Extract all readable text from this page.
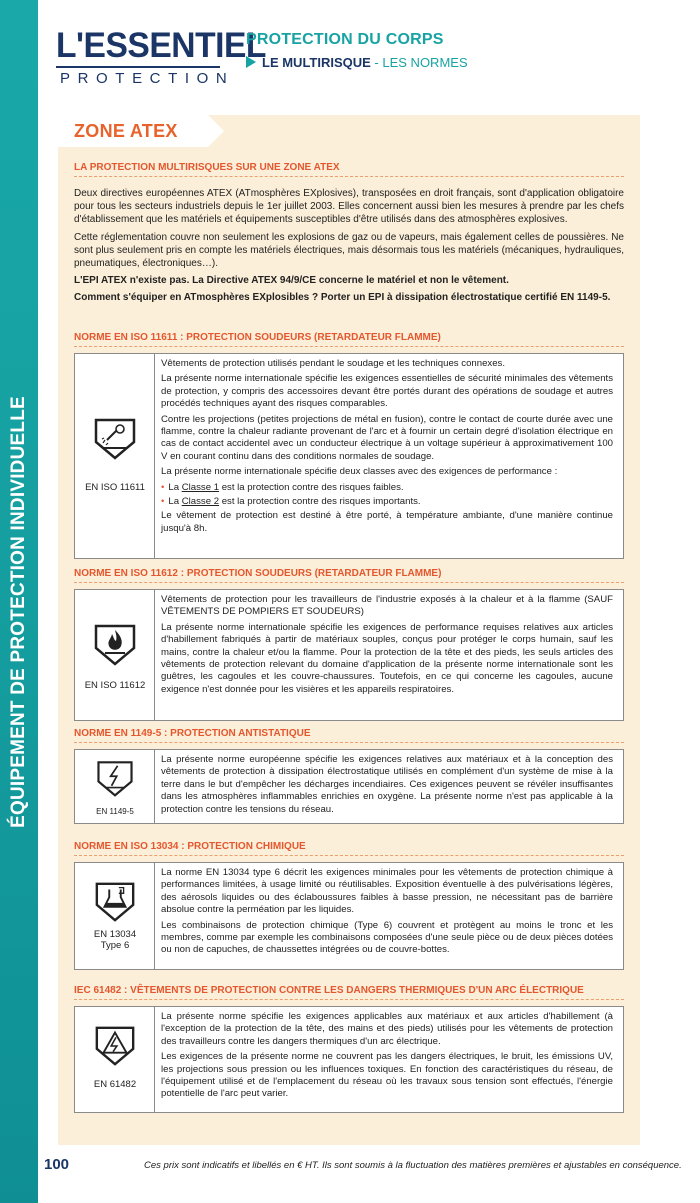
ÉQUIPEMENT DE PROTECTION INDIVIDUELLE
L'ESSENTIEL
PROTECTION
PROTECTION DU CORPS
LE MULTIRISQUE - LES NORMES
ZONE ATEX
LA PROTECTION MULTIRISQUES SUR UNE ZONE ATEX

Deux directives européennes ATEX (ATmosphères EXplosives), transposées en droit français, sont d'application obligatoire pour tous les secteurs industriels depuis le 1er juillet 2003. Elles concernent aussi bien les mesures à prendre par les chefs d'établissement que les matériels et équipements susceptibles d'être utilisés dans des atmosphères explosives.

Cette réglementation couvre non seulement les explosions de gaz ou de vapeurs, mais également celles de poussières. Ne sont plus seulement pris en compte les matériels électriques, mais désormais tous les matériels (mécaniques, hydrauliques, pneumatiques, électroniques…).

L'EPI ATEX n'existe pas. La Directive ATEX 94/9/CE concerne le matériel et non le vêtement.

Comment s'équiper en ATmosphères EXplosibles ? Porter un EPI à dissipation électrostatique certifié EN 1149-5.

NORME EN ISO 11611 : PROTECTION SOUDEURS (RETARDATEUR FLAMME)
EN ISO 11611

Vêtements de protection utilisés pendant le soudage et les techniques connexes.

La présente norme internationale spécifie les exigences essentielles de sécurité minimales des vêtements de protection, y compris des accessoires devant être portés durant des opérations de soudage et autres procédés techniques ayant des risques comparables.

Contre les projections (petites projections de métal en fusion), contre le contact de courte durée avec une flamme, contre la chaleur radiante provenant de l'arc et à fournir un certain degré d'isolation électrique en cas de contact accidentel avec un conducteur électrique à un voltage supérieur à approximativement 100 V en courant continu dans des conditions normales de soudage.

La présente norme internationale spécifie deux classes avec des exigences de performance :

• La Classe 1 est la protection contre des risques faibles.
• La Classe 2 est la protection contre des risques importants.

Le vêtement de protection est destiné à être porté, à température ambiante, d'une manière continue jusqu'à 8h.

NORME EN ISO 11612 : PROTECTION SOUDEURS (RETARDATEUR FLAMME)
EN ISO 11612

Vêtements de protection pour les travailleurs de l'industrie exposés à la chaleur et à la flamme (SAUF VÊTEMENTS DE POMPIERS ET SOUDEURS)

La présente norme internationale spécifie les exigences de performance requises relatives aux articles d'habillement fabriqués à partir de matériaux souples, conçus pour protéger le corps humain, sauf les mains, contre la chaleur et/ou la flamme. Pour la protection de la tête et des pieds, les seuls articles des vêtements de protection relevant du domaine d'application de la présente norme internationale sont les guêtres, les cagoules et les couvre-chaussures. Toutefois, en ce qui concerne les cagoules, aucune exigence n'est donnée pour les visières et les appareils respiratoires.

NORME EN 1149-5 : PROTECTION ANTISTATIQUE
EN 1149-5

La présente norme européenne spécifie les exigences relatives aux matériaux et à la conception des vêtements de protection à dissipation électrostatique utilisés en complément d'un système de mise à la terre dans le but d'empêcher les décharges incendiaires. Ces exigences peuvent se révéler insuffisantes dans les atmosphères inflammables enrichies en oxygène. La présente norme n'est pas applicable à la protection contre les tensions du réseau.

NORME EN ISO 13034 : PROTECTION CHIMIQUE
EN 13034
Type 6

La norme EN 13034 type 6 décrit les exigences minimales pour les vêtements de protection chimique à performances limitées, à usage limité ou réutilisables. Exposition éventuelle à des pulvérisations légères, des aérosols liquides ou des éclaboussures faibles à basse pression, ne nécessitant pas de barrière absolue contre la perméation par les liquides.

Les combinaisons de protection chimique (Type 6) couvrent et protègent au moins le tronc et les membres, comme par exemple les combinaisons composées d'une seule pièce ou de deux pièces dotées ou non de capuches, de chaussettes intégrées ou de couvre-bottes.

IEC 61482 : VÊTEMENTS DE PROTECTION CONTRE LES DANGERS THERMIQUES D'UN ARC ÉLECTRIQUE
EN 61482

La présente norme spécifie les exigences applicables aux matériaux et aux articles d'habillement (à l'exception de la protection de la tête, des mains et des pieds) utilisés pour les vêtements de protection des travailleurs contre les dangers thermiques d'un arc électrique.

Les exigences de la présente norme ne couvrent pas les dangers électriques, le bruit, les émissions UV, les projections sous pression ou les influences toxiques. En fonction des caractéristiques du réseau, de l'équipement utilisé et de l'emplacement du réseau où les travaux sous tension sont effectués, l'énergie potentielle de l'arc peut varier.

100	Ces prix sont indicatifs et libellés en € HT. Ils sont soumis à la fluctuation des matières premières et ajustables en conséquence.
